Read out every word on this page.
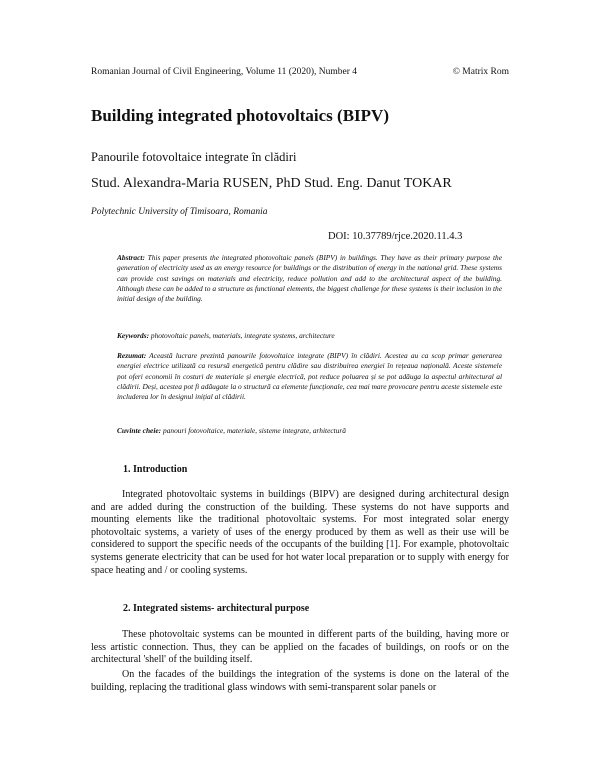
Romanian Journal of Civil Engineering, Volume 11 (2020), Number 4	© Matrix Rom
Building integrated photovoltaics (BIPV)
Panourile fotovoltaice integrate în clădiri
Stud. Alexandra-Maria RUSEN, PhD Stud. Eng. Danut TOKAR
Polytechnic University of Timisoara, Romania
DOI: 10.37789/rjce.2020.11.4.3
Abstract: This paper presents the integrated photovoltaic panels (BIPV) in buildings. They have as their primary purpose the generation of electricity used as an energy resource for buildings or the distribution of energy in the national grid. These systems can provide cost savings on materials and electricity, reduce pollution and add to the architectural aspect of the building. Although these can be added to a structure as functional elements, the biggest challenge for these systems is their inclusion in the initial design of the building.
Keywords: photovoltaic panels, materials, integrate systems, architecture
Rezumat: Această lucrare prezintă panourile fotovoltaice integrate (BIPV) în clădiri. Acestea au ca scop primar generarea energiei electrice utilizată ca resursă energetică pentru clădire sau distribuirea energiei în rețeaua națională. Aceste sistemele pot oferi economii în costuri de materiale și energie electrică, pot reduce poluarea și se pot adăuga la aspectul arhitectural al clădirii. Deși, acestea pot fi adăugate la o structură ca elemente funcționale, cea mai mare provocare pentru aceste sistemele este includerea lor în designul inițial al clădirii.
Cuvinte cheie: panouri fotovoltaice, materiale, sisteme integrate, arhitectură
1. Introduction
Integrated photovoltaic systems in buildings (BIPV) are designed during architectural design and are added during the construction of the building. These systems do not have supports and mounting elements like the traditional photovoltaic systems. For most integrated solar energy photovoltaic systems, a variety of uses of the energy produced by them as well as their use will be considered to support the specific needs of the occupants of the building [1]. For example, photovoltaic systems generate electricity that can be used for hot water local preparation or to supply with energy for space heating and / or cooling systems.
2. Integrated sistems- architectural purpose
These photovoltaic systems can be mounted in different parts of the building, having more or less artistic connection. Thus, they can be applied on the facades of buildings, on roofs or on the architectural 'shell' of the building itself.
On the facades of the buildings the integration of the systems is done on the lateral of the building, replacing the traditional glass windows with semi-transparent solar panels or
